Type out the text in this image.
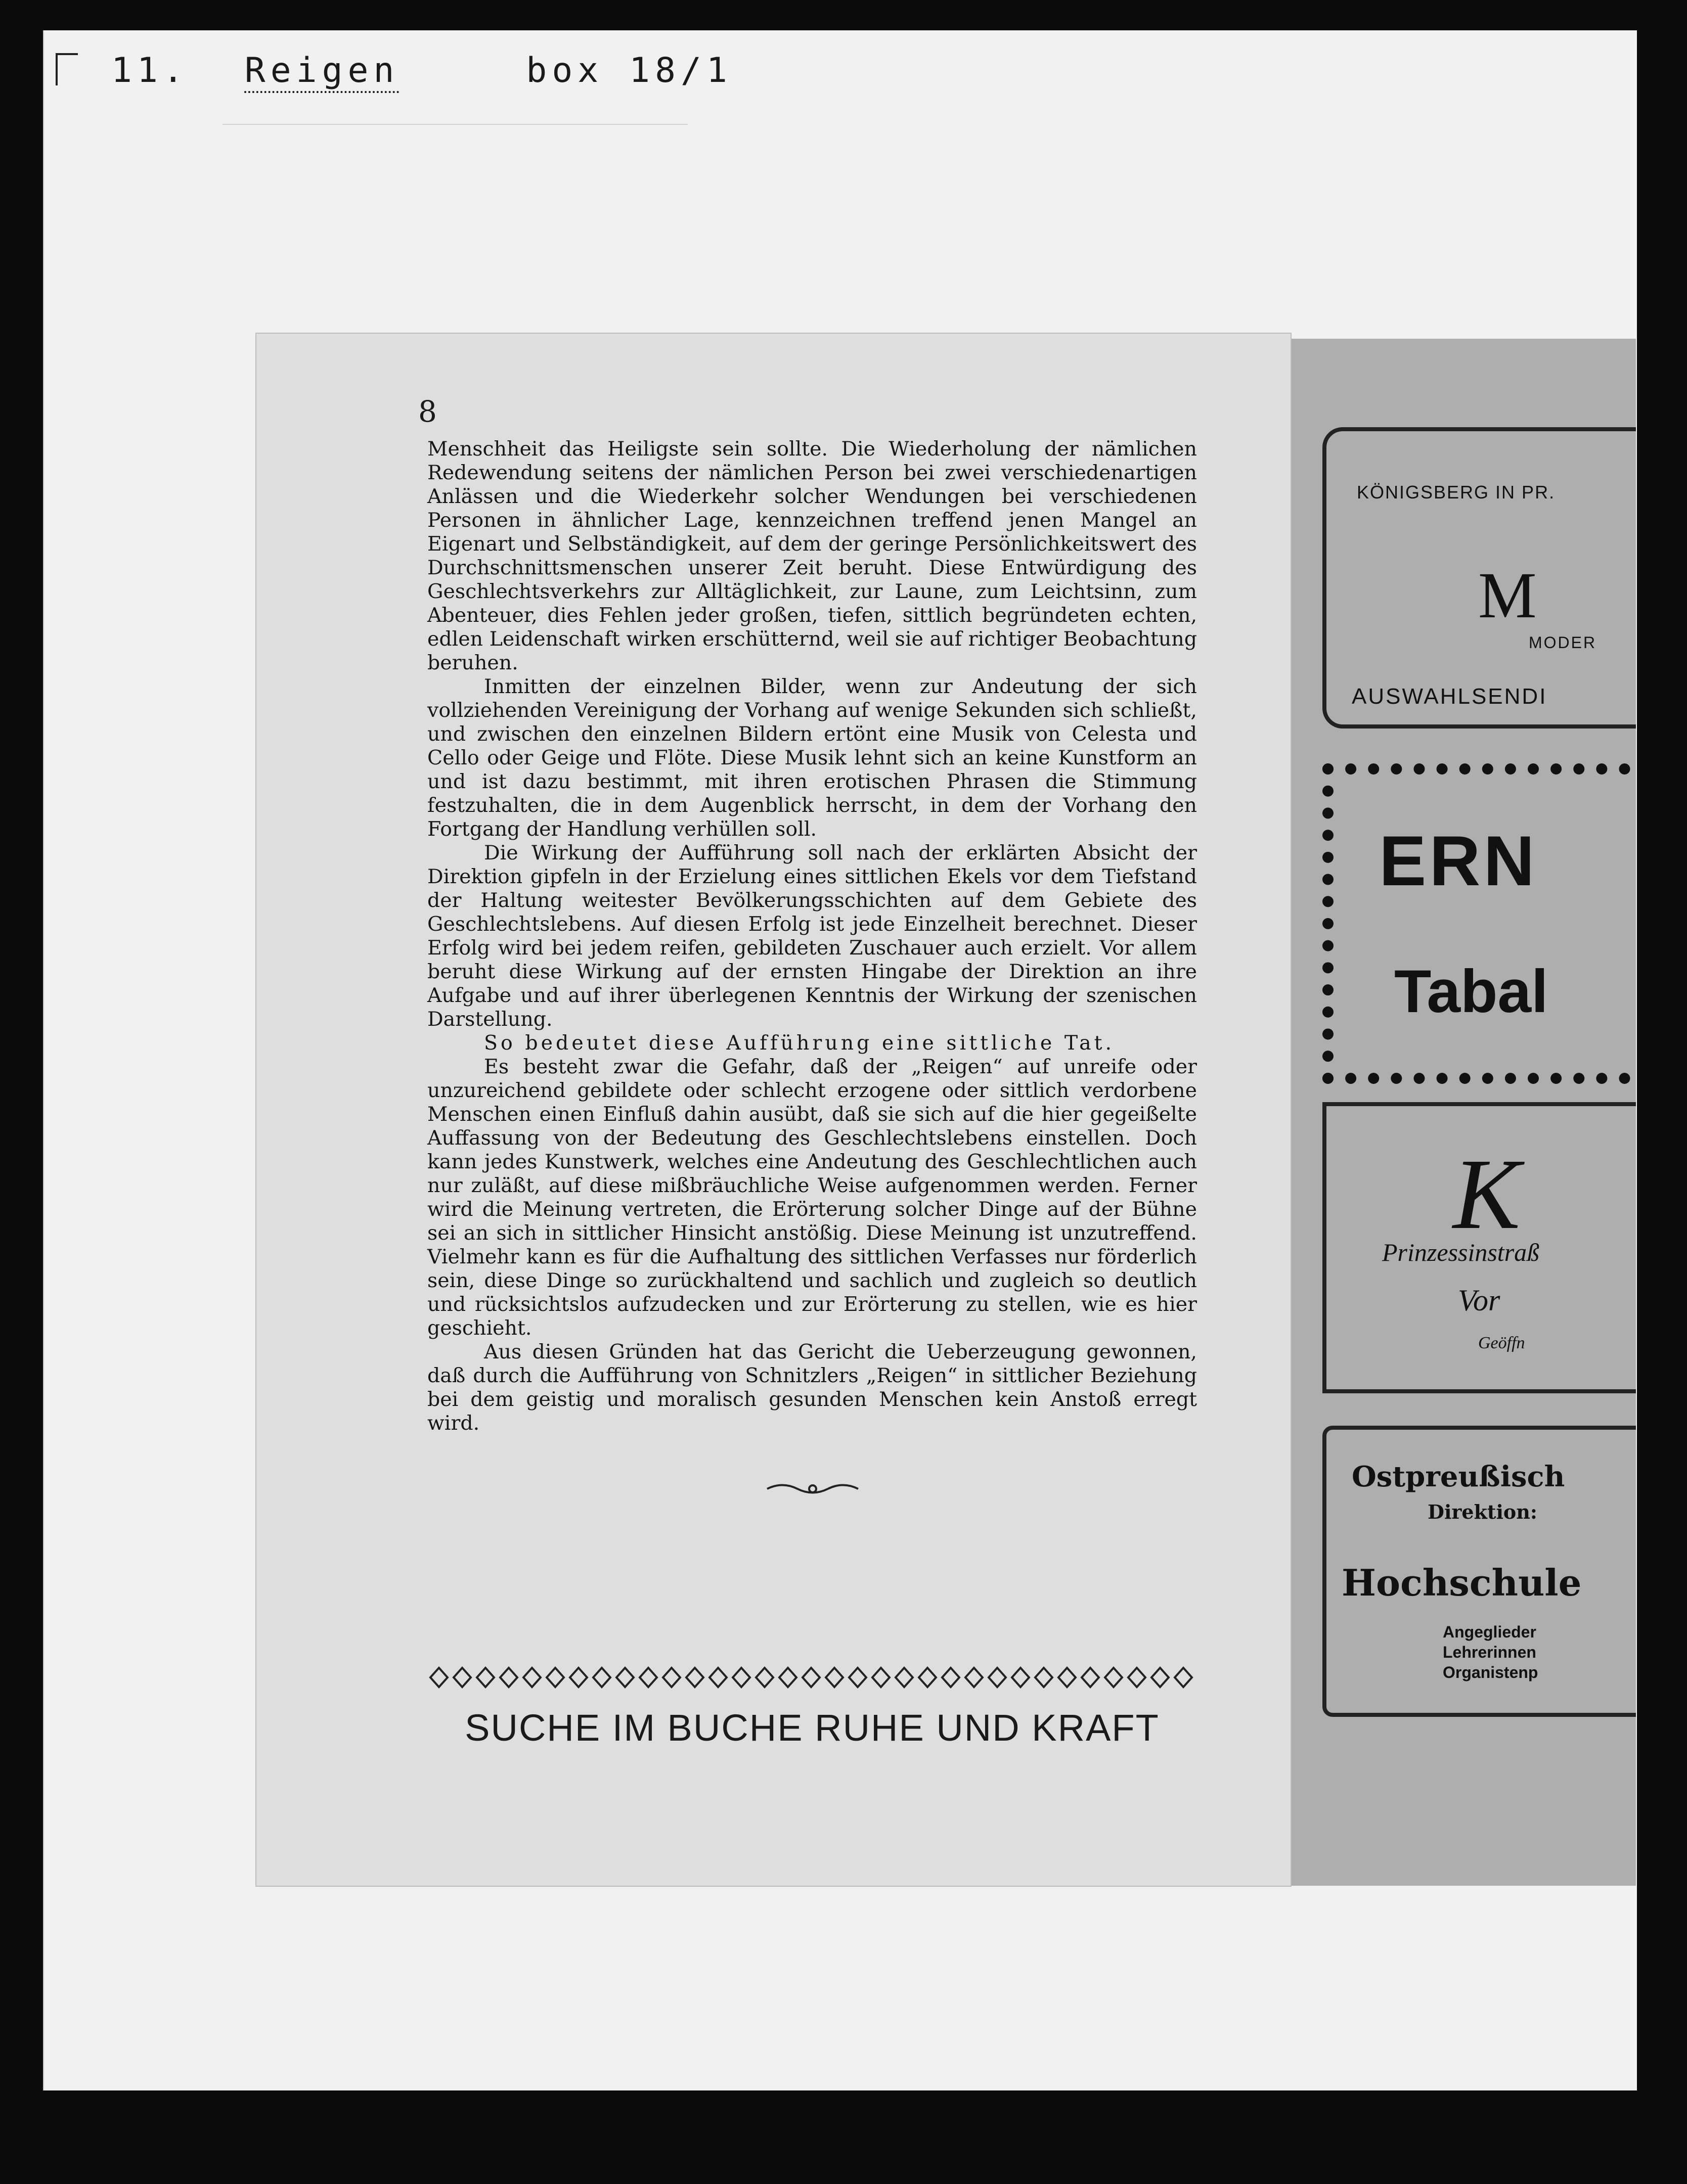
11. Reigen	box 18/1
KÖNIGSBERG IN PR.
M
MODER
AUSWAHLSENDI
ERN
Tabal
K
Prinzessinstraß
Vor
Geöffn
Ostpreußisch
Direktion:
Hochschule
Angeglieder Lehrerinnen Organistenp
8

Menschheit das Heiligste sein sollte. Die Wiederholung der nämlichen Redewendung seitens der nämlichen Person bei zwei verschiedenartigen Anlässen und die Wiederkehr solcher Wendungen bei verschiedenen Personen in ähnlicher Lage, kennzeichnen treffend jenen Mangel an Eigenart und Selbständigkeit, auf dem der geringe Persönlichkeitswert des Durchschnittsmenschen unserer Zeit beruht. Diese Entwürdigung des Geschlechtsverkehrs zur Alltäglichkeit, zur Laune, zum Leichtsinn, zum Abenteuer, dies Fehlen jeder großen, tiefen, sittlich begründeten echten, edlen Leidenschaft wirken erschütternd, weil sie auf richtiger Beobachtung beruhen.

Inmitten der einzelnen Bilder, wenn zur Andeutung der sich vollziehenden Vereinigung der Vorhang auf wenige Sekunden sich schließt, und zwischen den einzelnen Bildern ertönt eine Musik von Celesta und Cello oder Geige und Flöte. Diese Musik lehnt sich an keine Kunstform an und ist dazu bestimmt, mit ihren erotischen Phrasen die Stimmung festzuhalten, die in dem Augenblick herrscht, in dem der Vorhang den Fortgang der Handlung verhüllen soll.

Die Wirkung der Aufführung soll nach der erklärten Absicht der Direktion gipfeln in der Erzielung eines sittlichen Ekels vor dem Tiefstand der Haltung weitester Bevölkerungsschichten auf dem Gebiete des Geschlechtslebens. Auf diesen Erfolg ist jede Einzelheit berechnet. Dieser Erfolg wird bei jedem reifen, gebildeten Zuschauer auch erzielt. Vor allem beruht diese Wirkung auf der ernsten Hingabe der Direktion an ihre Aufgabe und auf ihrer überlegenen Kenntnis der Wirkung der szenischen Darstellung.

So bedeutet diese Aufführung eine sittliche Tat.

Es besteht zwar die Gefahr, daß der „Reigen“ auf unreife oder unzureichend gebildete oder schlecht erzogene oder sittlich verdorbene Menschen einen Einfluß dahin ausübt, daß sie sich auf die hier gegeißelte Auffassung von der Bedeutung des Geschlechtslebens einstellen. Doch kann jedes Kunstwerk, welches eine Andeutung des Geschlechtlichen auch nur zuläßt, auf diese mißbräuchliche Weise aufgenommen werden. Ferner wird die Meinung vertreten, die Erörterung solcher Dinge auf der Bühne sei an sich in sittlicher Hinsicht anstößig. Diese Meinung ist unzutreffend. Vielmehr kann es für die Aufhaltung des sittlichen Verfasses nur förderlich sein, diese Dinge so zurückhaltend und sachlich und zugleich so deutlich und rücksichtslos aufzudecken und zur Erörterung zu stellen, wie es hier geschieht.

Aus diesen Gründen hat das Gericht die Ueberzeugung gewonnen, daß durch die Aufführung von Schnitzlers „Reigen“ in sittlicher Beziehung bei dem geistig und moralisch gesunden Menschen kein Anstoß erregt wird.

SUCHE IM BUCHE RUHE UND KRAFT
